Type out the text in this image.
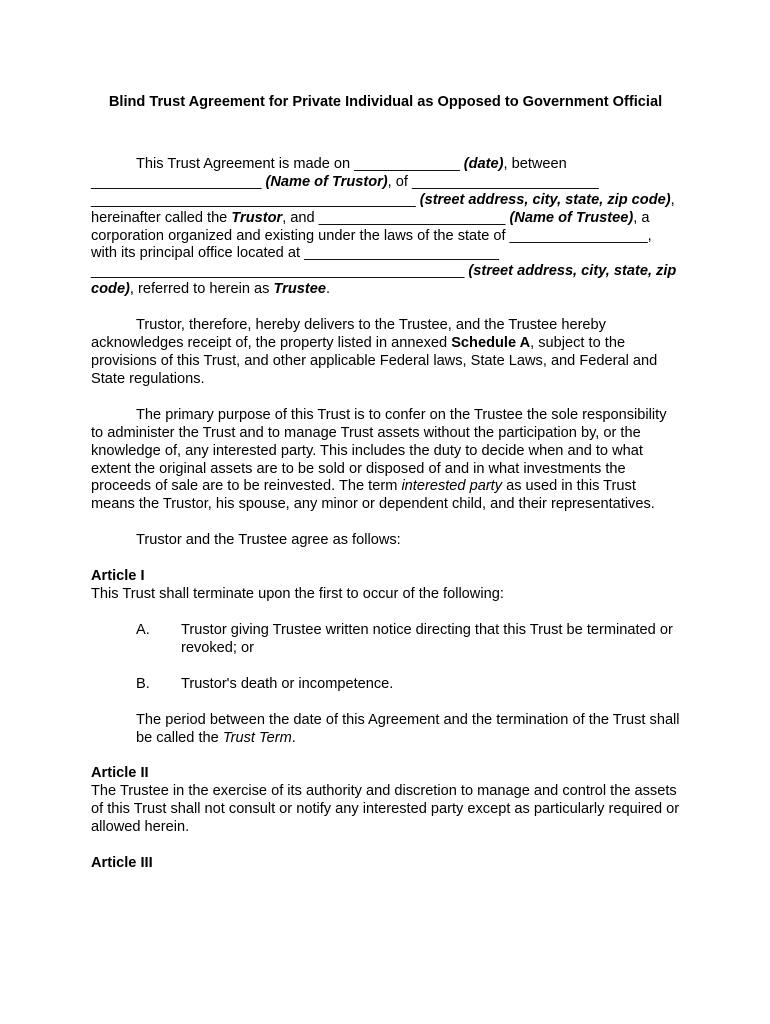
Blind Trust Agreement for Private Individual as Opposed to Government Official

This Trust Agreement is made on _____________ (date), between _____________________ (Name of Trustor), of _______________________ ________________________________________ (street address, city, state, zip code), hereinafter called the Trustor, and _______________________ (Name of Trustee), a corporation organized and existing under the laws of the state of _________________, with its principal office located at ________________________ ______________________________________________ (street address, city, state, zip code), referred to herein as Trustee.

Trustor, therefore, hereby delivers to the Trustee, and the Trustee hereby acknowledges receipt of, the property listed in annexed Schedule A, subject to the provisions of this Trust, and other applicable Federal laws, State Laws, and Federal and State regulations.

The primary purpose of this Trust is to confer on the Trustee the sole responsibility to administer the Trust and to manage Trust assets without the participation by, or the knowledge of, any interested party. This includes the duty to decide when and to what extent the original assets are to be sold or disposed of and in what investments the proceeds of sale are to be reinvested. The term interested party as used in this Trust means the Trustor, his spouse, any minor or dependent child, and their representatives.

Trustor and the Trustee agree as follows:

Article I

This Trust shall terminate upon the first to occur of the following:

A.	Trustor giving Trustee written notice directing that this Trust be terminated or revoked; or
B.	Trustor's death or incompetence.

The period between the date of this Agreement and the termination of the Trust shall be called the Trust Term.

Article II

The Trustee in the exercise of its authority and discretion to manage and control the assets of this Trust shall not consult or notify any interested party except as particularly required or allowed herein.

Article III
